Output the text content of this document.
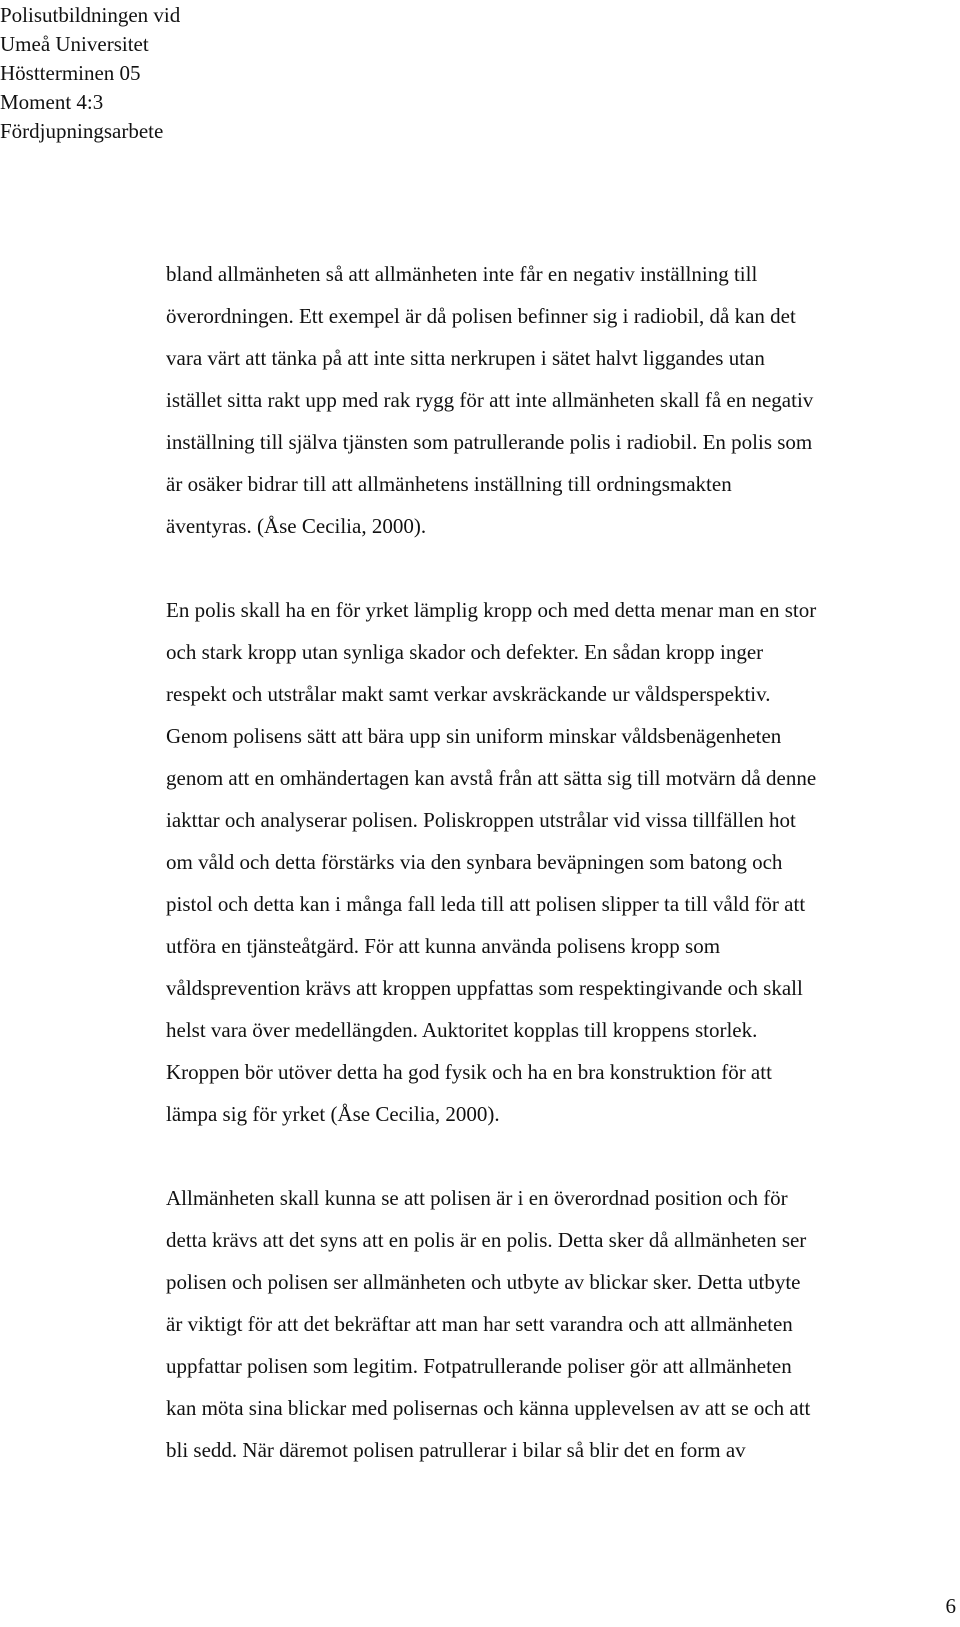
Polisutbildningen vid
Umeå Universitet
Höstterminen 05
Moment 4:3
Fördjupningsarbete

bland allmänheten så att allmänheten inte får en negativ inställning till
överordningen. Ett exempel är då polisen befinner sig i radiobil, då kan det
vara värt att tänka på att inte sitta nerkrupen i sätet halvt liggandes utan
istället sitta rakt upp med rak rygg för att inte allmänheten skall få en negativ
inställning till själva tjänsten som patrullerande polis i radiobil. En polis som
är osäker bidrar till att allmänhetens inställning till ordningsmakten
äventyras. (Åse Cecilia, 2000).

En polis skall ha en för yrket lämplig kropp och med detta menar man en stor
och stark kropp utan synliga skador och defekter. En sådan kropp inger
respekt och utstrålar makt samt verkar avskräckande ur våldsperspektiv.
Genom polisens sätt att bära upp sin uniform minskar våldsbenägenheten
genom att en omhändertagen kan avstå från att sätta sig till motvärn då denne
iakttar och analyserar polisen. Poliskroppen utstrålar vid vissa tillfällen hot
om våld och detta förstärks via den synbara beväpningen som batong och
pistol och detta kan i många fall leda till att polisen slipper ta till våld för att
utföra en tjänsteåtgärd. För att kunna använda polisens kropp som
våldsprevention krävs att kroppen uppfattas som respektingivande och skall
helst vara över medellängden. Auktoritet kopplas till kroppens storlek.
Kroppen bör utöver detta ha god fysik och ha en bra konstruktion för att
lämpa sig för yrket (Åse Cecilia, 2000).

Allmänheten skall kunna se att polisen är i en överordnad position och för
detta krävs att det syns att en polis är en polis. Detta sker då allmänheten ser
polisen och polisen ser allmänheten och utbyte av blickar sker. Detta utbyte
är viktigt för att det bekräftar att man har sett varandra och att allmänheten
uppfattar polisen som legitim. Fotpatrullerande poliser gör att allmänheten
kan möta sina blickar med polisernas och känna upplevelsen av att se och att
bli sedd. När däremot polisen patrullerar i bilar så blir det en form av

6
